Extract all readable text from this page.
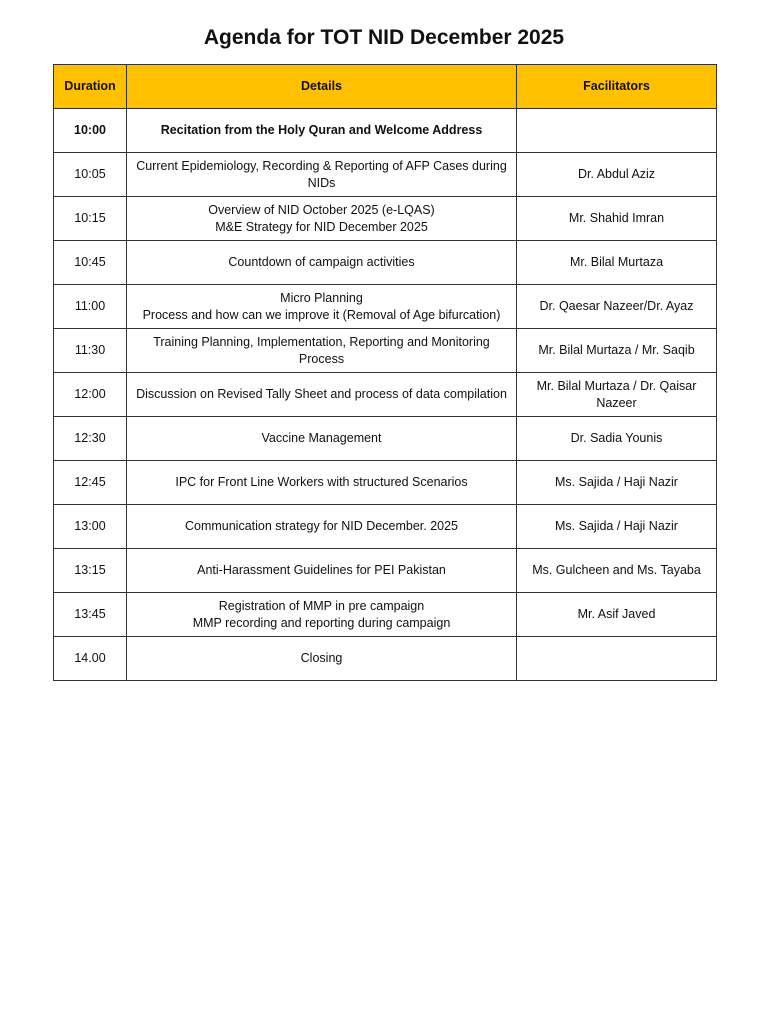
Agenda for TOT NID December 2025
Duration	Details	Facilitators
10:00	Recitation from the Holy Quran and Welcome Address	

10:05	Current Epidemiology, Recording & Reporting of AFP Cases during NIDs	Dr. Abdul Aziz
10:15	Overview of NID October 2025 (e-LQAS)
M&E Strategy for NID December 2025	Mr. Shahid Imran
10:45	Countdown of campaign activities	Mr. Bilal Murtaza
11:00	Micro Planning
Process and how can we improve it (Removal of Age bifurcation)	Dr. Qaesar Nazeer/Dr. Ayaz
11:30	Training Planning, Implementation, Reporting and Monitoring Process	Mr. Bilal Murtaza / Mr. Saqib
12:00	Discussion on Revised Tally Sheet and process of data compilation	Mr. Bilal Murtaza / Dr. Qaisar Nazeer
12:30	Vaccine Management	Dr. Sadia Younis
12:45	IPC for Front Line Workers with structured Scenarios	Ms. Sajida / Haji Nazir
13:00	Communication strategy for NID December. 2025	Ms. Sajida / Haji Nazir
13:15	Anti-Harassment Guidelines for PEI Pakistan	Ms. Gulcheen and Ms. Tayaba
13:45	Registration of MMP in pre campaign
MMP recording and reporting during campaign	Mr. Asif Javed
14.00	Closing	
